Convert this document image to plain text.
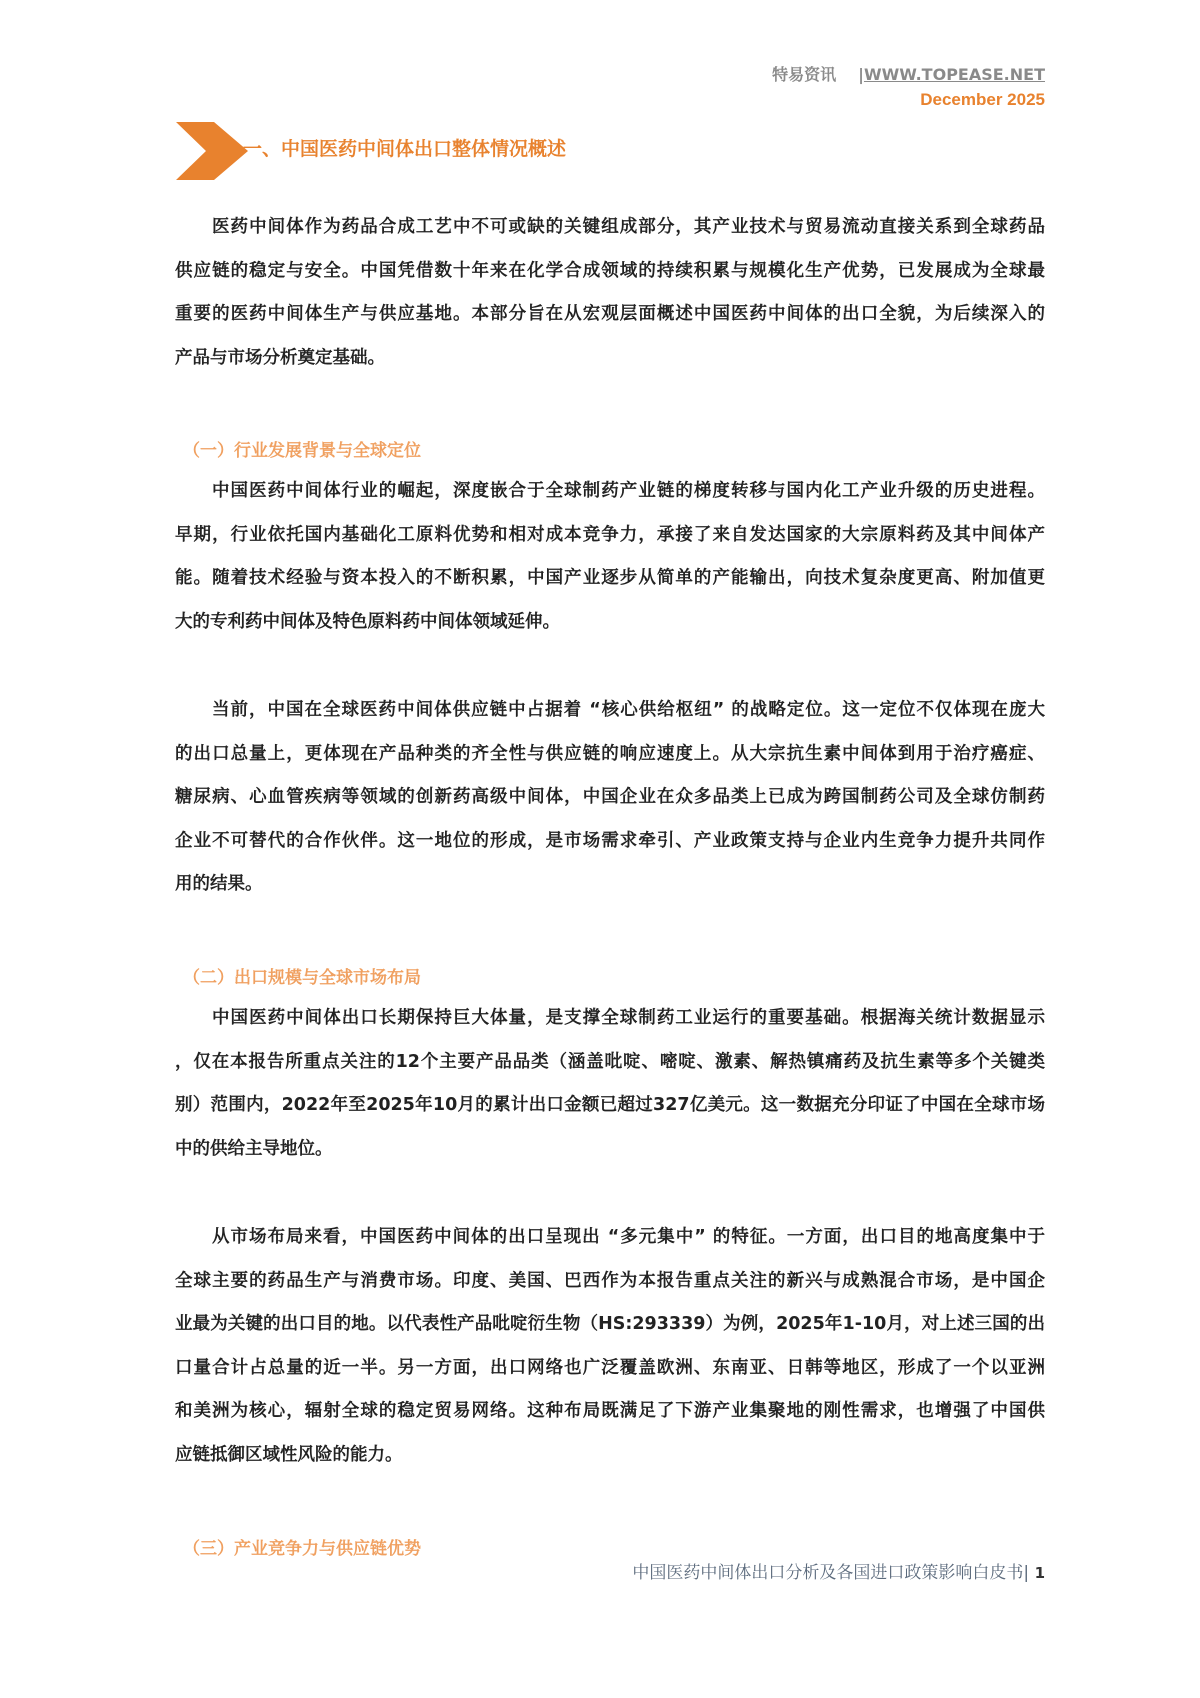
特易资讯 |WWW.TOPEASE.NET
December 2025
一、中国医药中间体出口整体情况概述
医药中间体作为药品合成工艺中不可或缺的关键组成部分，其产业技术与贸易流动直接关系到全球药品
供应链的稳定与安全。中国凭借数十年来在化学合成领域的持续积累与规模化生产优势，已发展成为全球最
重要的医药中间体生产与供应基地。本部分旨在从宏观层面概述中国医药中间体的出口全貌，为后续深入的
产品与市场分析奠定基础。
（一）行业发展背景与全球定位
中国医药中间体行业的崛起，深度嵌合于全球制药产业链的梯度转移与国内化工产业升级的历史进程。
早期，行业依托国内基础化工原料优势和相对成本竞争力，承接了来自发达国家的大宗原料药及其中间体产
能。随着技术经验与资本投入的不断积累，中国产业逐步从简单的产能输出，向技术复杂度更高、附加值更
大的专利药中间体及特色原料药中间体领域延伸。
当前，中国在全球医药中间体供应链中占据着 “核心供给枢纽” 的战略定位。这一定位不仅体现在庞大
的出口总量上，更体现在产品种类的齐全性与供应链的响应速度上。从大宗抗生素中间体到用于治疗癌症、
糖尿病、心血管疾病等领域的创新药高级中间体，中国企业在众多品类上已成为跨国制药公司及全球仿制药
企业不可替代的合作伙伴。这一地位的形成，是市场需求牵引、产业政策支持与企业内生竞争力提升共同作
用的结果。
（二）出口规模与全球市场布局
中国医药中间体出口长期保持巨大体量，是支撑全球制药工业运行的重要基础。根据海关统计数据显示
，仅在本报告所重点关注的12个主要产品品类（涵盖吡啶、嘧啶、激素、解热镇痛药及抗生素等多个关键类
别）范围内，2022年至2025年10月的累计出口金额已超过327亿美元。这一数据充分印证了中国在全球市场
中的供给主导地位。
从市场布局来看，中国医药中间体的出口呈现出 “多元集中” 的特征。一方面，出口目的地高度集中于
全球主要的药品生产与消费市场。印度、美国、巴西作为本报告重点关注的新兴与成熟混合市场，是中国企
业最为关键的出口目的地。以代表性产品吡啶衍生物（HS:293339）为例，2025年1-10月，对上述三国的出
口量合计占总量的近一半。另一方面，出口网络也广泛覆盖欧洲、东南亚、日韩等地区，形成了一个以亚洲
和美洲为核心，辐射全球的稳定贸易网络。这种布局既满足了下游产业集聚地的刚性需求，也增强了中国供
应链抵御区域性风险的能力。
（三）产业竞争力与供应链优势
中国医药中间体出口分析及各国进口政策影响白皮书| 1
